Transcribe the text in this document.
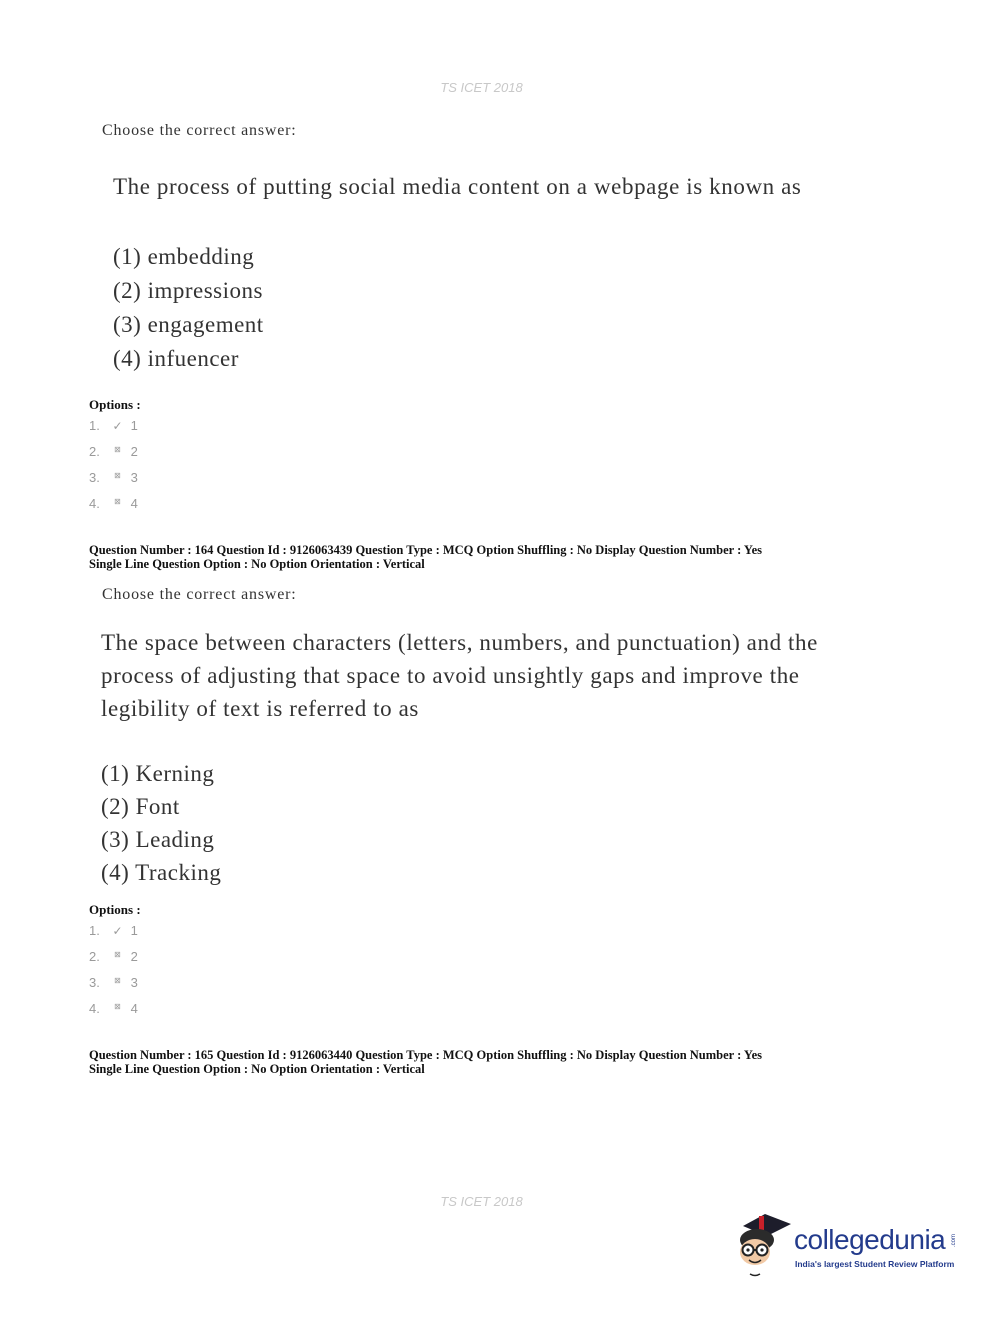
TS ICET 2018
Choose the correct answer:
The process of putting social media content on a webpage is known as
(1) embedding
(2) impressions
(3) engagement
(4) infuencer
Options :
1. ✓ 1
2. ⊠ 2
3. ⊠ 3
4. ⊠ 4
Question Number : 164 Question Id : 9126063439 Question Type : MCQ Option Shuffling : No Display Question Number : Yes
Single Line Question Option : No Option Orientation : Vertical
Choose the correct answer:
The space between characters (letters, numbers, and punctuation) and the
process of adjusting that space to avoid unsightly gaps and improve the
legibility of text is referred to as
(1) Kerning
(2) Font
(3) Leading
(4) Tracking
Options :
1. ✓ 1
2. ⊠ 2
3. ⊠ 3
4. ⊠ 4
Question Number : 165 Question Id : 9126063440 Question Type : MCQ Option Shuffling : No Display Question Number : Yes
Single Line Question Option : No Option Orientation : Vertical
TS ICET 2018
collegedunia .com
India's largest Student Review Platform
